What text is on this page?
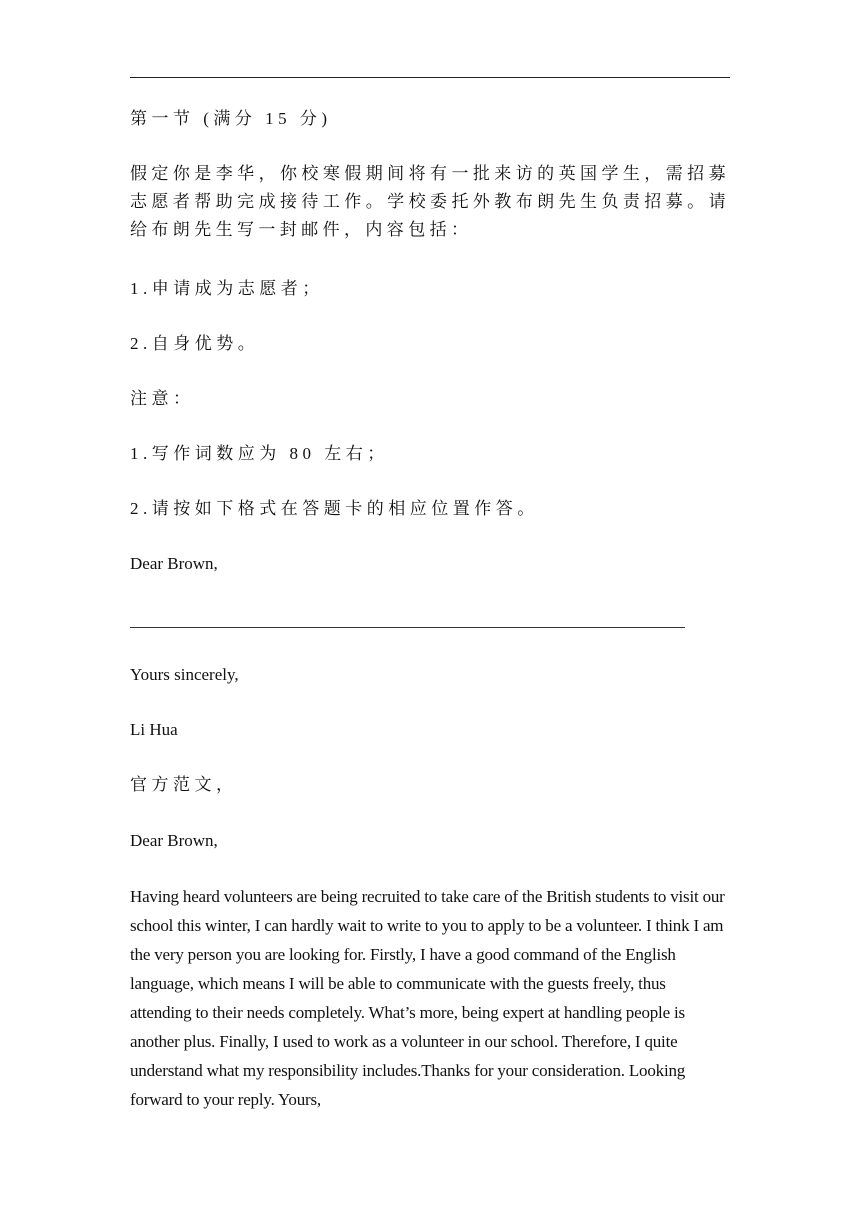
第一节 (满分 15 分)
假定你是李华，你校寒假期间将有一批来访的英国学生，需招募志愿者帮助完成接待工作。学校委托外教布朗先生负责招募。请给布朗先生写一封邮件，内容包括：
1.申请成为志愿者；
2.自身优势。
注意：
1.写作词数应为 80 左右；
2.请按如下格式在答题卡的相应位置作答。
Dear Brown,
Yours sincerely,
Li Hua
官方范文，
Dear Brown,
Having heard volunteers are being recruited to take care of the British students to visit our school this winter, I can hardly wait to write to you to apply to be a volunteer. I think I am the very person you are looking for. Firstly, I have a good command of the English language, which means I will be able to communicate with the guests freely, thus attending to their needs completely. What’s more, being expert at handling people is another plus. Finally, I used to work as a volunteer in our school. Therefore, I quite understand what my responsibility includes.Thanks for your consideration. Looking forward to your reply. Yours,
